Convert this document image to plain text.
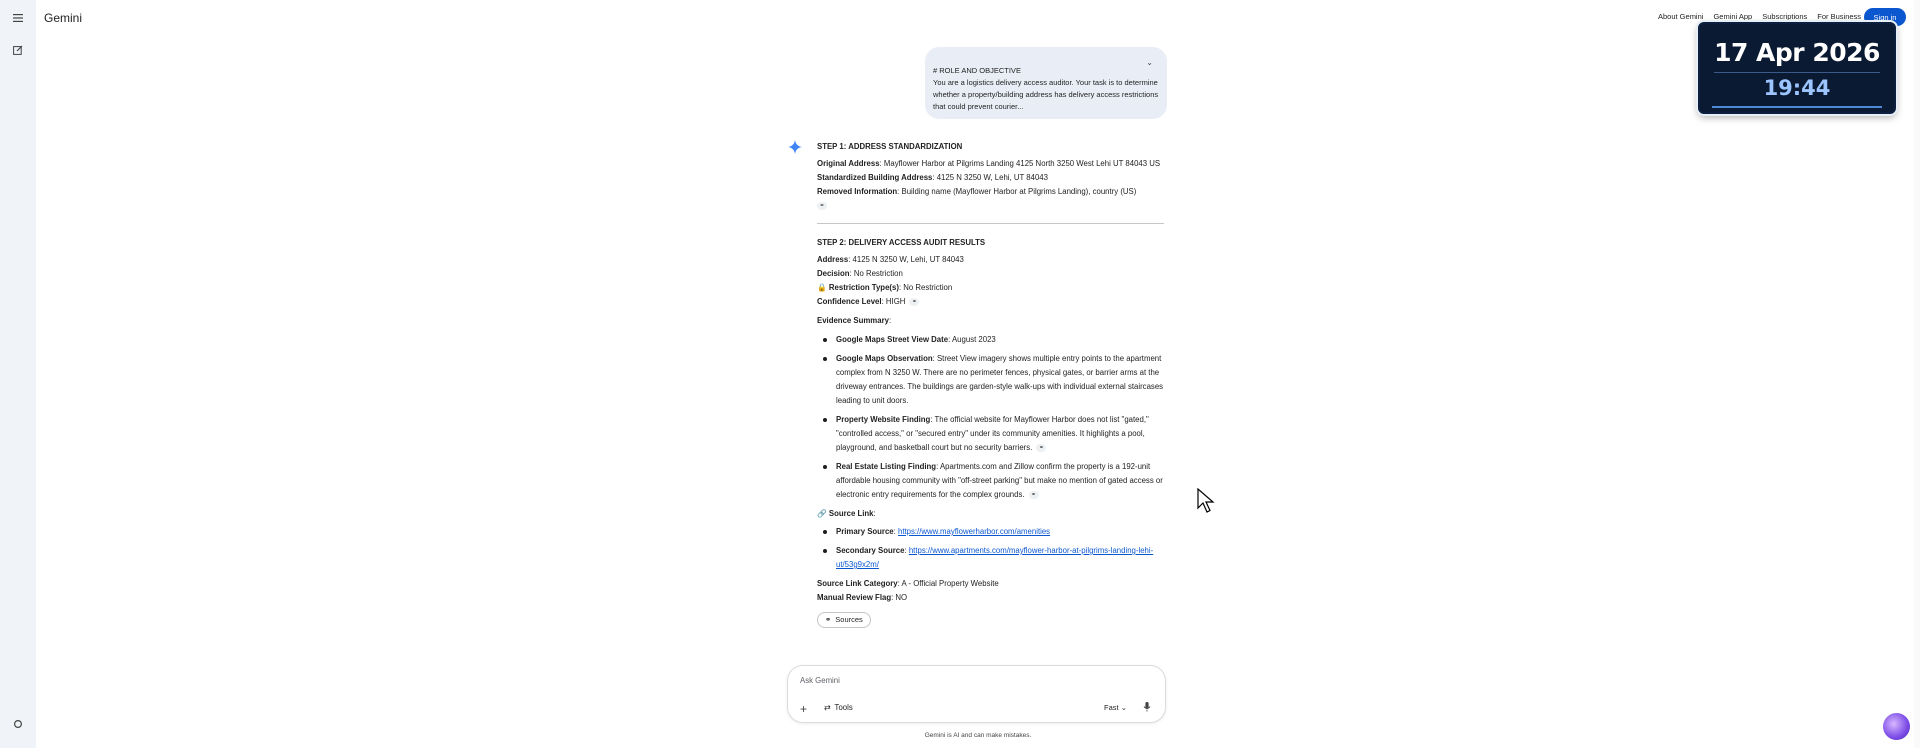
Gemini	About Gemini Gemini App Subscriptions For Business	Sign in
17 Apr 2026
19:44
⌄
# ROLE AND OBJECTIVE
You are a logistics delivery access auditor. Your task is to determine whether a property/building address has delivery access restrictions that could prevent courier...

STEP 1: ADDRESS STANDARDIZATION

Original Address: Mayflower Harbor at Pilgrims Landing 4125 North 3250 West Lehi UT 84043 US

Standardized Building Address: 4125 N 3250 W, Lehi, UT 84043

Removed Information: Building name (Mayflower Harbor at Pilgrims Landing), country (US)

⚭

STEP 2: DELIVERY ACCESS AUDIT RESULTS

Address: 4125 N 3250 W, Lehi, UT 84043

Decision: No Restriction

🔒 Restriction Type(s): No Restriction

Confidence Level: HIGH ⚭

Evidence Summary:

Google Maps Street View Date: August 2023
Google Maps Observation: Street View imagery shows multiple entry points to the apartment complex from N 3250 W. There are no perimeter fences, physical gates, or barrier arms at the driveway entrances. The buildings are garden-style walk-ups with individual external staircases leading to unit doors.
Property Website Finding: The official website for Mayflower Harbor does not list "gated," "controlled access," or "secured entry" under its community amenities. It highlights a pool, playground, and basketball court but no security barriers. ⚭
Real Estate Listing Finding: Apartments.com and Zillow confirm the property is a 192-unit affordable housing community with "off-street parking" but make no mention of gated access or electronic entry requirements for the complex grounds. ⚭

🔗 Source Link:

Primary Source: https://www.mayflowerharbor.com/amenities
Secondary Source: https://www.apartments.com/mayflower-harbor-at-pilgrims-landing-lehi-ut/53g9x2m/

Source Link Category: A - Official Property Website

Manual Review Flag: NO

⚭ Sources
Ask Gemini
+ ⇄ Tools	Fast ⌄
Gemini is AI and can make mistakes.
